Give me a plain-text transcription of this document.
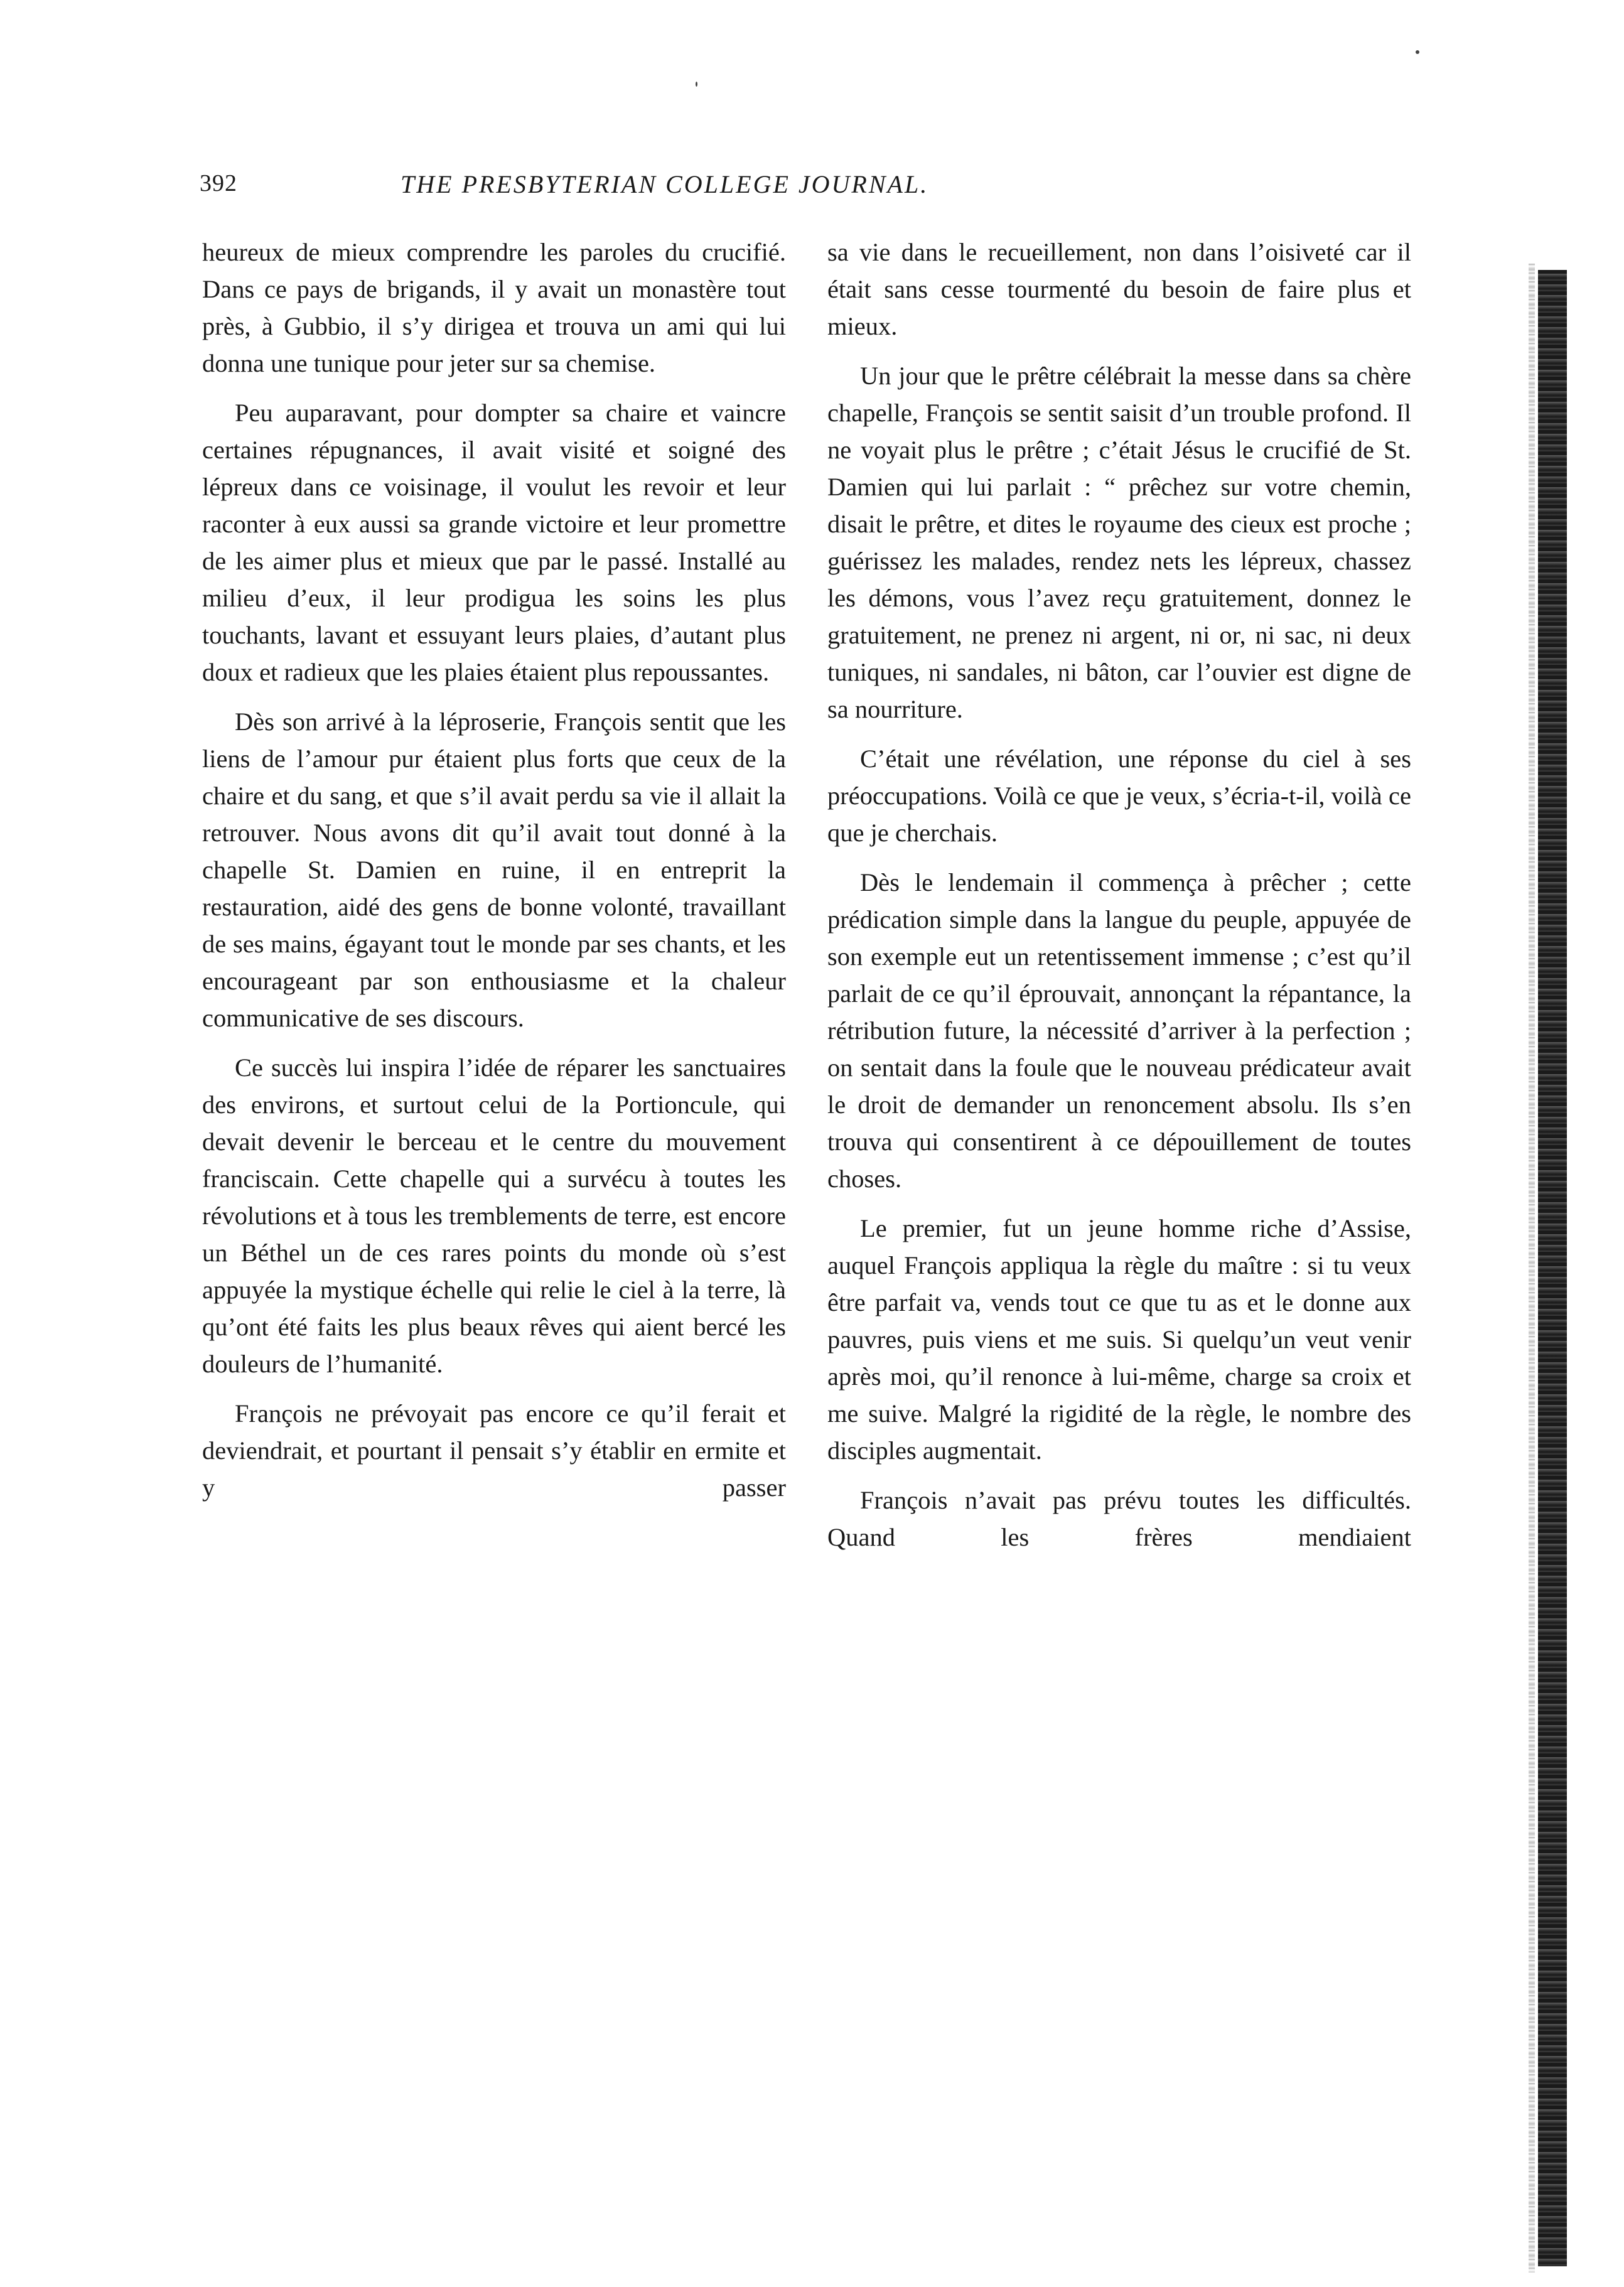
392	THE PRESBYTERIAN COLLEGE JOURNAL.

heureux de mieux comprendre les paroles du crucifié. Dans ce pays de brigands, il y avait un monastère tout près, à Gubbio, il s’y dirigea et trouva un ami qui lui donna une tunique pour jeter sur sa chemise.

Peu auparavant, pour dompter sa chaire et vaincre certaines répugnances, il avait visité et soigné des lépreux dans ce voisinage, il voulut les revoir et leur raconter à eux aussi sa grande victoire et leur promettre de les aimer plus et mieux que par le passé. Installé au milieu d’eux, il leur prodigua les soins les plus touchants, lavant et essuyant leurs plaies, d’autant plus doux et radieux que les plaies étaient plus repoussantes.

Dès son arrivé à la léproserie, François sentit que les liens de l’amour pur étaient plus forts que ceux de la chaire et du sang, et que s’il avait perdu sa vie il allait la retrouver. Nous avons dit qu’il avait tout donné à la chapelle St. Damien en ruine, il en entreprit la restauration, aidé des gens de bonne volonté, travaillant de ses mains, égayant tout le monde par ses chants, et les encourageant par son enthousiasme et la chaleur communicative de ses discours.

Ce succès lui inspira l’idée de réparer les sanctuaires des environs, et surtout celui de la Portioncule, qui devait devenir le berceau et le centre du mouvement franciscain. Cette chapelle qui a survécu à toutes les révolutions et à tous les tremblements de terre, est encore un Béthel un de ces rares points du monde où s’est appuyée la mystique échelle qui relie le ciel à la terre, là qu’ont été faits les plus beaux rêves qui aient bercé les douleurs de l’humanité.

François ne prévoyait pas encore ce qu’il ferait et deviendrait, et pourtant il pensait s’y établir en ermite et y passer

sa vie dans le recueillement, non dans l’oisiveté car il était sans cesse tourmenté du besoin de faire plus et mieux.

Un jour que le prêtre célébrait la messe dans sa chère chapelle, François se sentit saisit d’un trouble profond. Il ne voyait plus le prêtre ; c’était Jésus le crucifié de St. Damien qui lui parlait : “ prêchez sur votre chemin, disait le prêtre, et dites le royaume des cieux est proche ; guérissez les malades, rendez nets les lépreux, chassez les démons, vous l’avez reçu gratuitement, donnez le gratuitement, ne prenez ni argent, ni or, ni sac, ni deux tuniques, ni sandales, ni bâton, car l’ouvier est digne de sa nourriture.

C’était une révélation, une réponse du ciel à ses préoccupations. Voilà ce que je veux, s’écria-t-il, voilà ce que je cherchais.

Dès le lendemain il commença à prêcher ; cette prédication simple dans la langue du peuple, appuyée de son exemple eut un retentissement immense ; c’est qu’il parlait de ce qu’il éprouvait, annonçant la répantance, la rétribution future, la nécessité d’arriver à la perfection ; on sentait dans la foule que le nouveau prédicateur avait le droit de demander un renoncement absolu. Ils s’en trouva qui consentirent à ce dépouillement de toutes choses.

Le premier, fut un jeune homme riche d’Assise, auquel François appliqua la règle du maître : si tu veux être parfait va, vends tout ce que tu as et le donne aux pauvres, puis viens et me suis. Si quelqu’un veut venir après moi, qu’il renonce à lui-même, charge sa croix et me suive. Malgré la rigidité de la règle, le nombre des disciples augmentait.

François n’avait pas prévu toutes les difficultés. Quand les frères mendiaient
